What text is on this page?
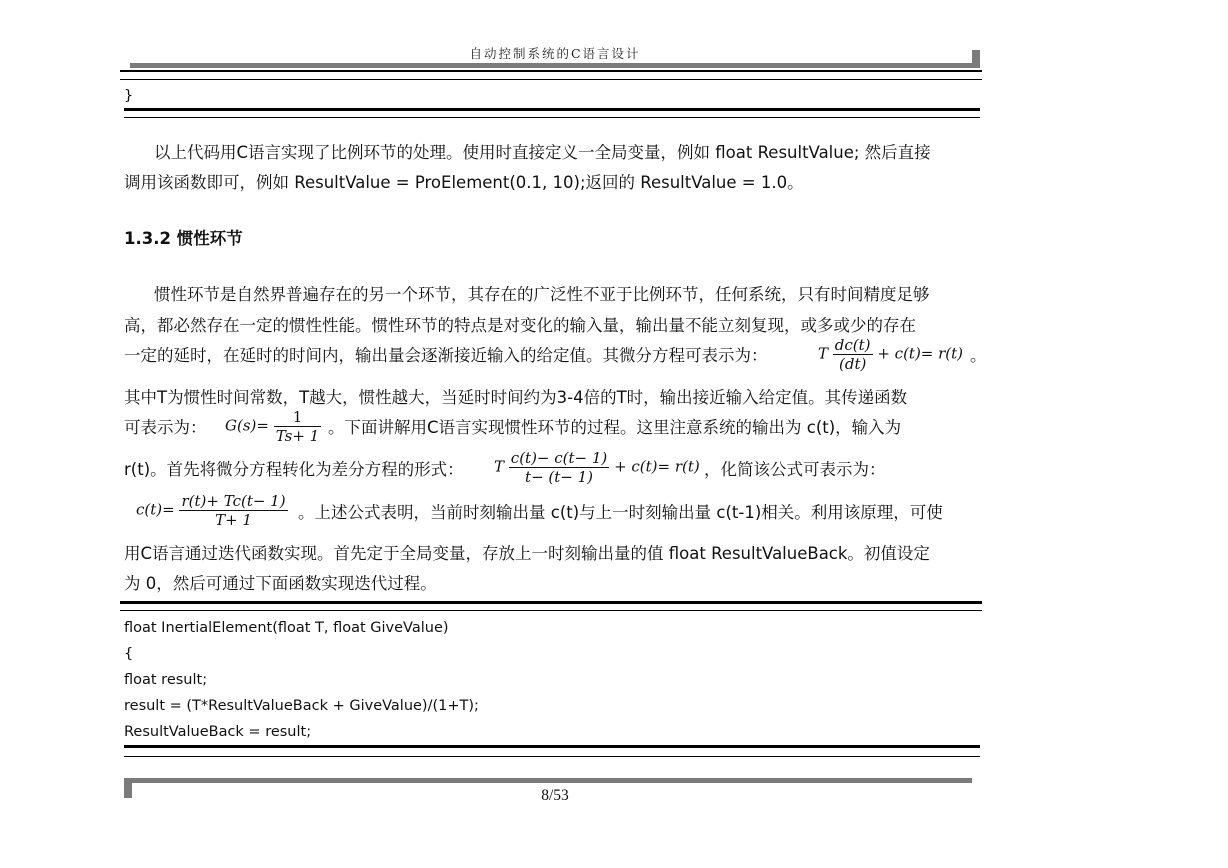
自动控制系统的C语言设计
}
以上代码用C语言实现了比例环节的处理。使用时直接定义一全局变量，例如 float ResultValue; 然后直接
调用该函数即可，例如 ResultValue = ProElement(0.1, 10);返回的 ResultValue = 1.0。
1.3.2 惯性环节
惯性环节是自然界普遍存在的另一个环节，其存在的广泛性不亚于比例环节，任何系统，只有时间精度足够
高，都必然存在一定的惯性性能。惯性环节的特点是对变化的输入量，输出量不能立刻复现，或多或少的存在
一定的延时，在延时的时间内，输出量会逐渐接近输入的给定值。其微分方程可表示为：	T $\frac{dc(t)}{(dt)} + c(t)= r(t)$ 。
其中T为惯性时间常数，T越大，惯性越大，当延时时间约为3-4倍的T时，输出接近输入给定值。其传递函数
可表示为： $G(s)= \frac{1}{Ts+ 1}$ 。下面讲解用C语言实现惯性环节的过程。这里注意系统的输出为 c(t)，输入为
r(t)。首先将微分方程转化为差分方程的形式： T $\frac{c(t)- c(t- 1)}{t- (t- 1)} + c(t)= r(t)$ ，化简该公式可表示为：
$c(t)= \frac{r(t)+ Tc(t- 1)}{T+ 1}$ 。上述公式表明，当前时刻输出量 c(t)与上一时刻输出量 c(t-1)相关。利用该原理，可使
用C语言通过迭代函数实现。首先定于全局变量，存放上一时刻输出量的值 float ResultValueBack。初值设定
为 0，然后可通过下面函数实现迭代过程。
float InertialElement(float T, float GiveValue)
{
float result;
result = (T*ResultValueBack + GiveValue)/(1+T);
ResultValueBack = result;
8/53
